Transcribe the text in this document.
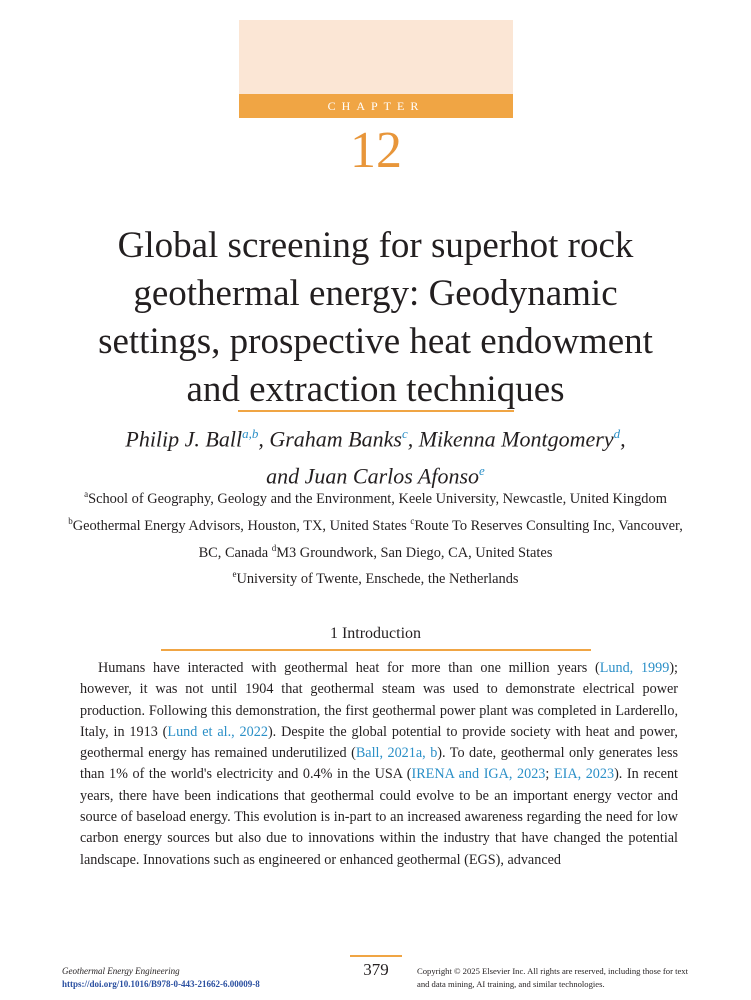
CHAPTER
12
Global screening for superhot rock
geothermal energy: Geodynamic
settings, prospective heat endowment
and extraction techniques
Philip J. Ball$^{a,b}$, Graham Banks$^c$, Mikenna Montgomery$^d$,
and Juan Carlos Afonso$^e$
$^a$School of Geography, Geology and the Environment, Keele University, Newcastle, United Kingdom $^b$Geothermal Energy Advisors, Houston, TX, United States $^c$Route To Reserves Consulting Inc, Vancouver, BC, Canada $^d$M3 Groundwork, San Diego, CA, United States
$^e$University of Twente, Enschede, the Netherlands
1 Introduction

Humans have interacted with geothermal heat for more than one million years (Lund, 1999); however, it was not until 1904 that geothermal steam was used to demonstrate electrical power production. Following this demonstration, the first geothermal power plant was completed in Larderello, Italy, in 1913 (Lund et al., 2022). Despite the global potential to provide society with heat and power, geothermal energy has remained underutilized (Ball, 2021a, b). To date, geothermal only generates less than 1% of the world's electricity and 0.4% in the USA (IRENA and IGA, 2023; EIA, 2023). In recent years, there have been indications that geothermal could evolve to be an important energy vector and source of baseload energy. This evolution is in-part to an increased awareness regarding the need for low carbon energy sources but also due to innovations within the industry that have changed the potential landscape. Innovations such as engineered or enhanced geothermal (EGS), advanced

Geothermal Energy Engineering
https://doi.org/10.1016/B978-0-443-21662-6.00009-8
379	Copyright © 2025 Elsevier Inc. All rights are reserved, including those for text and data mining, AI training, and similar technologies.
